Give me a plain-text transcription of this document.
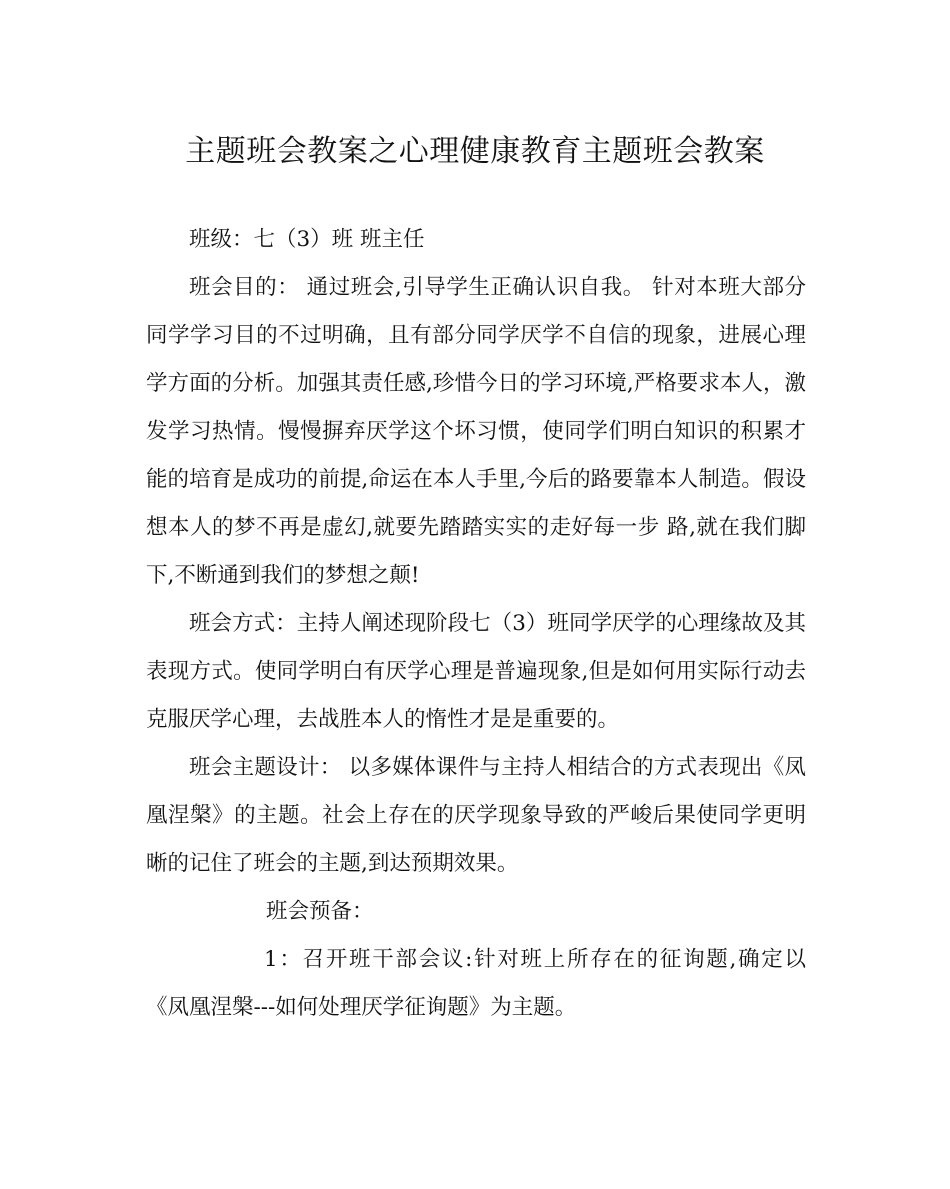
主题班会教案之心理健康教育主题班会教案
班级：七（3）班 班主任
班会目的： 通过班会,引导学生正确认识自我。 针对本班大部分同学学习目的不过明确，且有部分同学厌学不自信的现象，进展心理学方面的分析。加强其责任感,珍惜今日的学习环境,严格要求本人，激发学习热情。慢慢摒弃厌学这个坏习惯，使同学们明白知识的积累才能的培育是成功的前提,命运在本人手里,今后的路要靠本人制造。假设想本人的梦不再是虚幻,就要先踏踏实实的走好每一步 路,就在我们脚下,不断通到我们的梦想之颠!
班会方式：主持人阐述现阶段七（3）班同学厌学的心理缘故及其表现方式。使同学明白有厌学心理是普遍现象,但是如何用实际行动去克服厌学心理，去战胜本人的惰性才是是重要的。
班会主题设计： 以多媒体课件与主持人相结合的方式表现出《凤凰涅槃》的主题。社会上存在的厌学现象导致的严峻后果使同学更明晰的记住了班会的主题,到达预期效果。
班会预备：
1：召开班干部会议:针对班上所存在的征询题,确定以《凤凰涅槃---如何处理厌学征询题》为主题。
